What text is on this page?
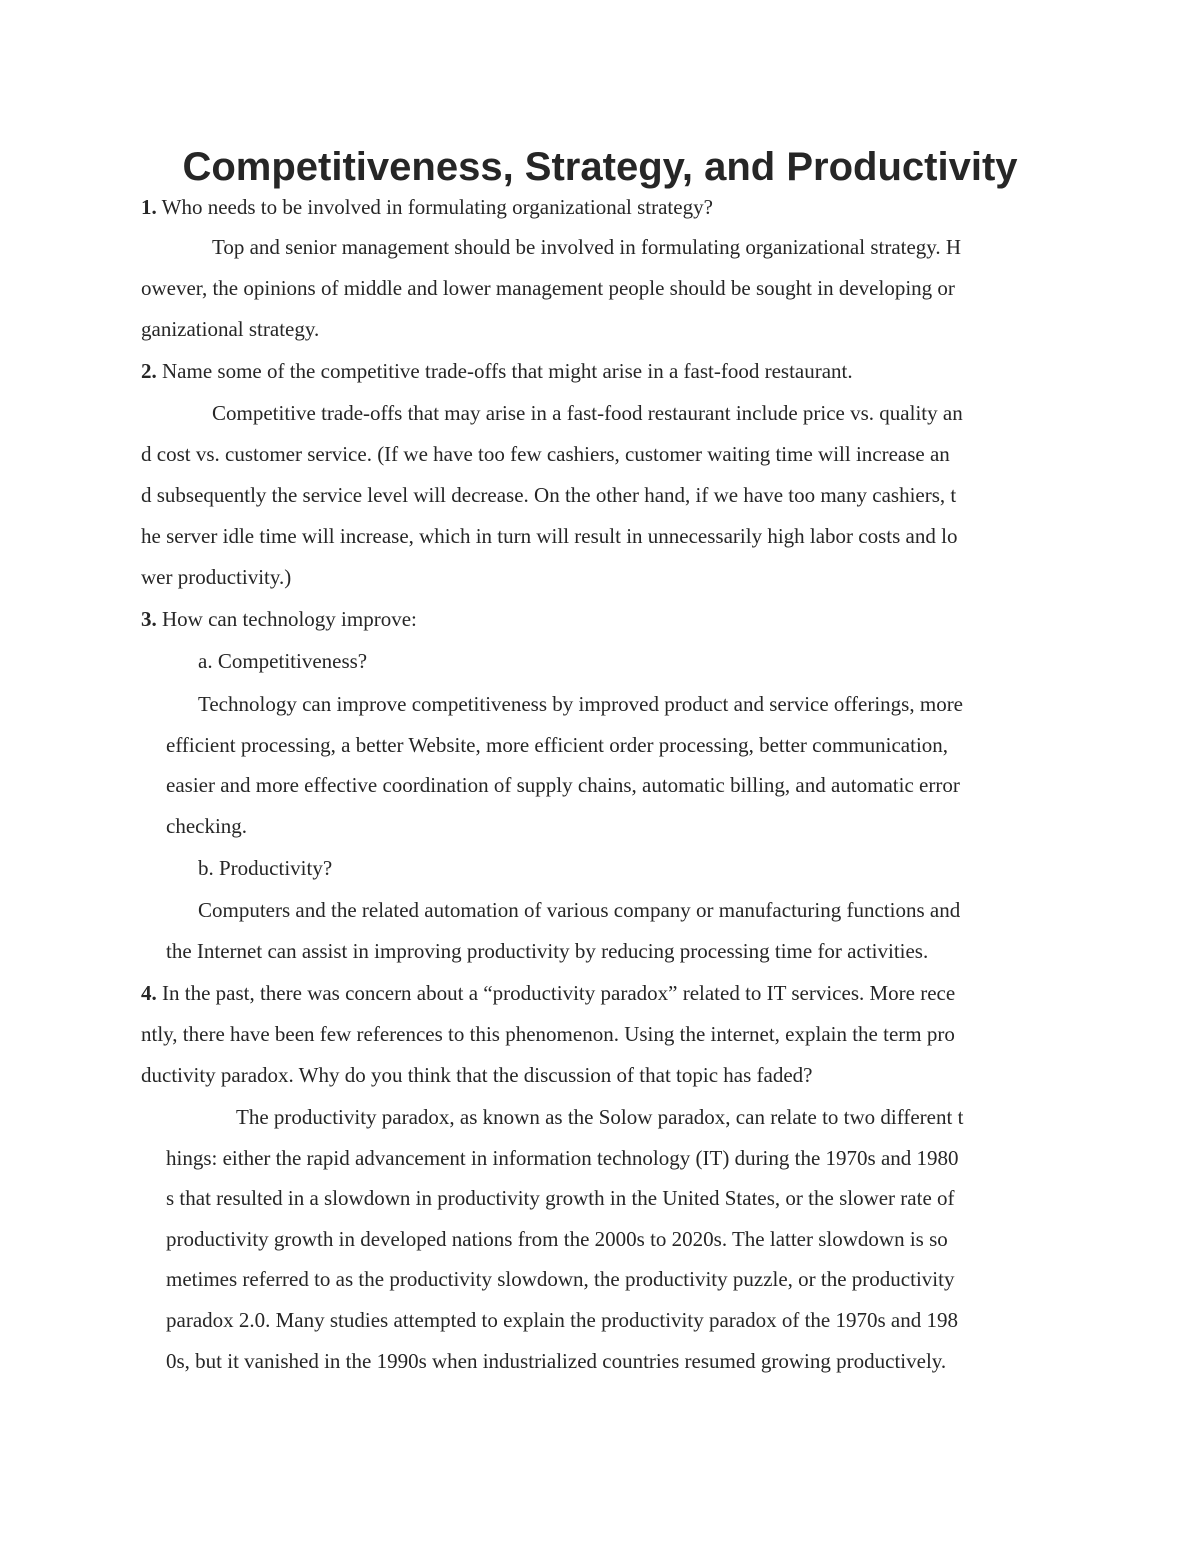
Competitiveness, Strategy, and Productivity

1. Who needs to be involved in formulating organizational strategy?

Top and senior management should be involved in formulating organizational strategy. H

owever, the opinions of middle and lower management people should be sought in developing or

ganizational strategy.

2. Name some of the competitive trade-offs that might arise in a fast-food restaurant.

Competitive trade-offs that may arise in a fast-food restaurant include price vs. quality an

d cost vs. customer service. (If we have too few cashiers, customer waiting time will increase an

d subsequently the service level will decrease. On the other hand, if we have too many cashiers, t

he server idle time will increase, which in turn will result in unnecessarily high labor costs and lo

wer productivity.)

3. How can technology improve:

a. Competitiveness?

Technology can improve competitiveness by improved product and service offerings, more

efficient processing, a better Website, more efficient order processing, better communication,

easier and more effective coordination of supply chains, automatic billing, and automatic error

checking.

b. Productivity?

Computers and the related automation of various company or manufacturing functions and

the Internet can assist in improving productivity by reducing processing time for activities.

4. In the past, there was concern about a “productivity paradox” related to IT services. More rece

ntly, there have been few references to this phenomenon. Using the internet, explain the term pro

ductivity paradox. Why do you think that the discussion of that topic has faded?

The productivity paradox, as known as the Solow paradox, can relate to two different t

hings: either the rapid advancement in information technology (IT) during the 1970s and 1980

s that resulted in a slowdown in productivity growth in the United States, or the slower rate of

productivity growth in developed nations from the 2000s to 2020s. The latter slowdown is so

metimes referred to as the productivity slowdown, the productivity puzzle, or the productivity

paradox 2.0. Many studies attempted to explain the productivity paradox of the 1970s and 198

0s, but it vanished in the 1990s when industrialized countries resumed growing productively.
